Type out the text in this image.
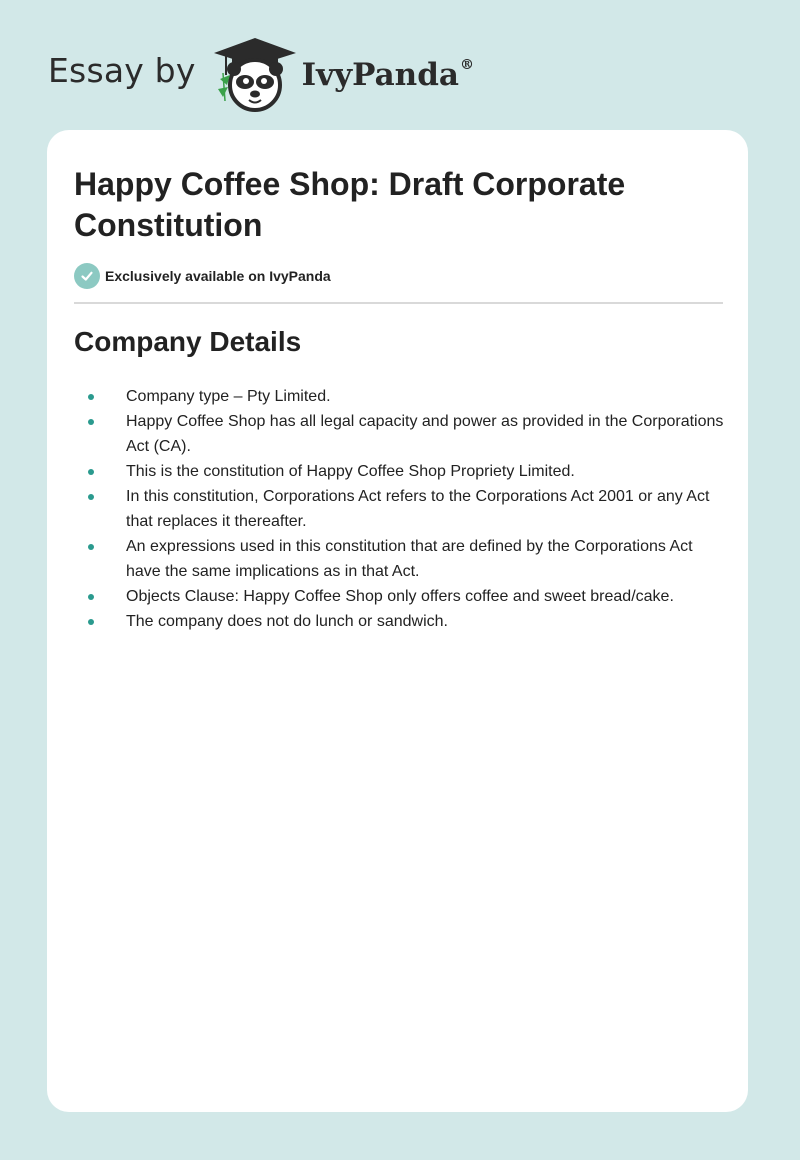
Essay by	IvyPanda®
Happy Coffee Shop: Draft Corporate Constitution
Exclusively available on IvyPanda
Company Details
Company type – Pty Limited.
Happy Coffee Shop has all legal capacity and power as provided in the Corporations Act (CA).
This is the constitution of Happy Coffee Shop Propriety Limited.
In this constitution, Corporations Act refers to the Corporations Act 2001 or any Act that replaces it thereafter.
An expressions used in this constitution that are defined by the Corporations Act have the same implications as in that Act.
Objects Clause: Happy Coffee Shop only offers coffee and sweet bread/cake.
The company does not do lunch or sandwich.
